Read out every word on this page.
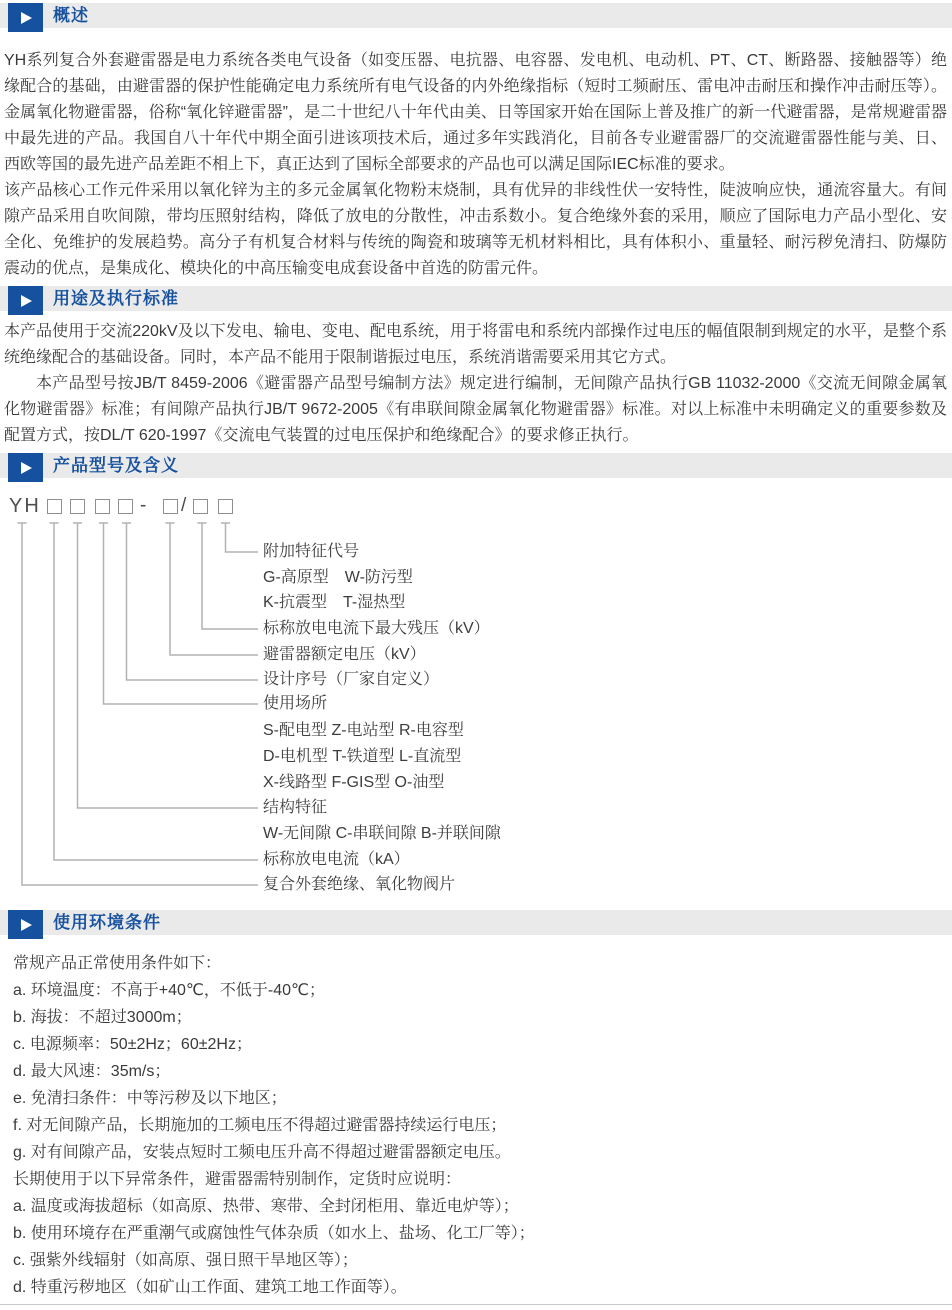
概述

YH系列复合外套避雷器是电力系统各类电气设备（如变压器、电抗器、电容器、发电机、电动机、PT、CT、断路器、接触器等）绝缘配合的基础，由避雷器的保护性能确定电力系统所有电气设备的内外绝缘指标（短时工频耐压、雷电冲击耐压和操作冲击耐压等）。金属氧化物避雷器，俗称“氧化锌避雷器”，是二十世纪八十年代由美、日等国家开始在国际上普及推广的新一代避雷器，是常规避雷器中最先进的产品。我国自八十年代中期全面引进该项技术后，通过多年实践消化，目前各专业避雷器厂的交流避雷器性能与美、日、西欧等国的最先进产品差距不相上下，真正达到了国标全部要求的产品也可以满足国际IEC标准的要求。

该产品核心工作元件采用以氧化锌为主的多元金属氧化物粉末烧制，具有优异的非线性伏一安特性，陡波响应快，通流容量大。有间隙产品采用自吹间隙，带均压照射结构，降低了放电的分散性，冲击系数小。复合绝缘外套的采用，顺应了国际电力产品小型化、安全化、免维护的发展趋势。高分子有机复合材料与传统的陶瓷和玻璃等无机材料相比，具有体积小、重量轻、耐污秽免清扫、防爆防震动的优点，是集成化、模块化的中高压输变电成套设备中首选的防雷元件。

用途及执行标准

本产品使用于交流220kV及以下发电、输电、变电、配电系统，用于将雷电和系统内部操作过电压的幅值限制到规定的水平，是整个系统绝缘配合的基础设备。同时，本产品不能用于限制谐振过电压，系统消谐需要采用其它方式。

本产品型号按JB/T 8459-2006《避雷器产品型号编制方法》规定进行编制，无间隙产品执行GB 11032-2000《交流无间隙金属氧化物避雷器》标准；有间隙产品执行JB/T 9672-2005《有串联间隙金属氧化物避雷器》标准。对以上标准中未明确定义的重要参数及配置方式，按DL/T 620-1997《交流电气装置的过电压保护和绝缘配合》的要求修正执行。

产品型号及含义
YH	- /
附加特征代号
G-高原型　W-防污型
K-抗震型　T-湿热型
标称放电电流下最大残压（kV）
避雷器额定电压（kV）
设计序号（厂家自定义）
使用场所
S-配电型 Z-电站型 R-电容型
D-电机型 T-铁道型 L-直流型
X-线路型 F-GIS型 O-油型
结构特征
W-无间隙 C-串联间隙 B-并联间隙
标称放电电流（kA）
复合外套绝缘、氧化物阀片
使用环境条件
常规产品正常使用条件如下：
a. 环境温度：不高于+40℃，不低于-40℃；
b. 海拔：不超过3000m；
c. 电源频率：50±2Hz；60±2Hz；
d. 最大风速：35m/s；
e. 免清扫条件：中等污秽及以下地区；
f. 对无间隙产品，长期施加的工频电压不得超过避雷器持续运行电压；
g. 对有间隙产品，安装点短时工频电压升高不得超过避雷器额定电压。
长期使用于以下异常条件，避雷器需特别制作，定货时应说明：
a. 温度或海拔超标（如高原、热带、寒带、全封闭柜用、靠近电炉等）；
b. 使用环境存在严重潮气或腐蚀性气体杂质（如水上、盐场、化工厂等）；
c. 强紫外线辐射（如高原、强日照干旱地区等）；
d. 特重污秽地区（如矿山工作面、建筑工地工作面等）。
